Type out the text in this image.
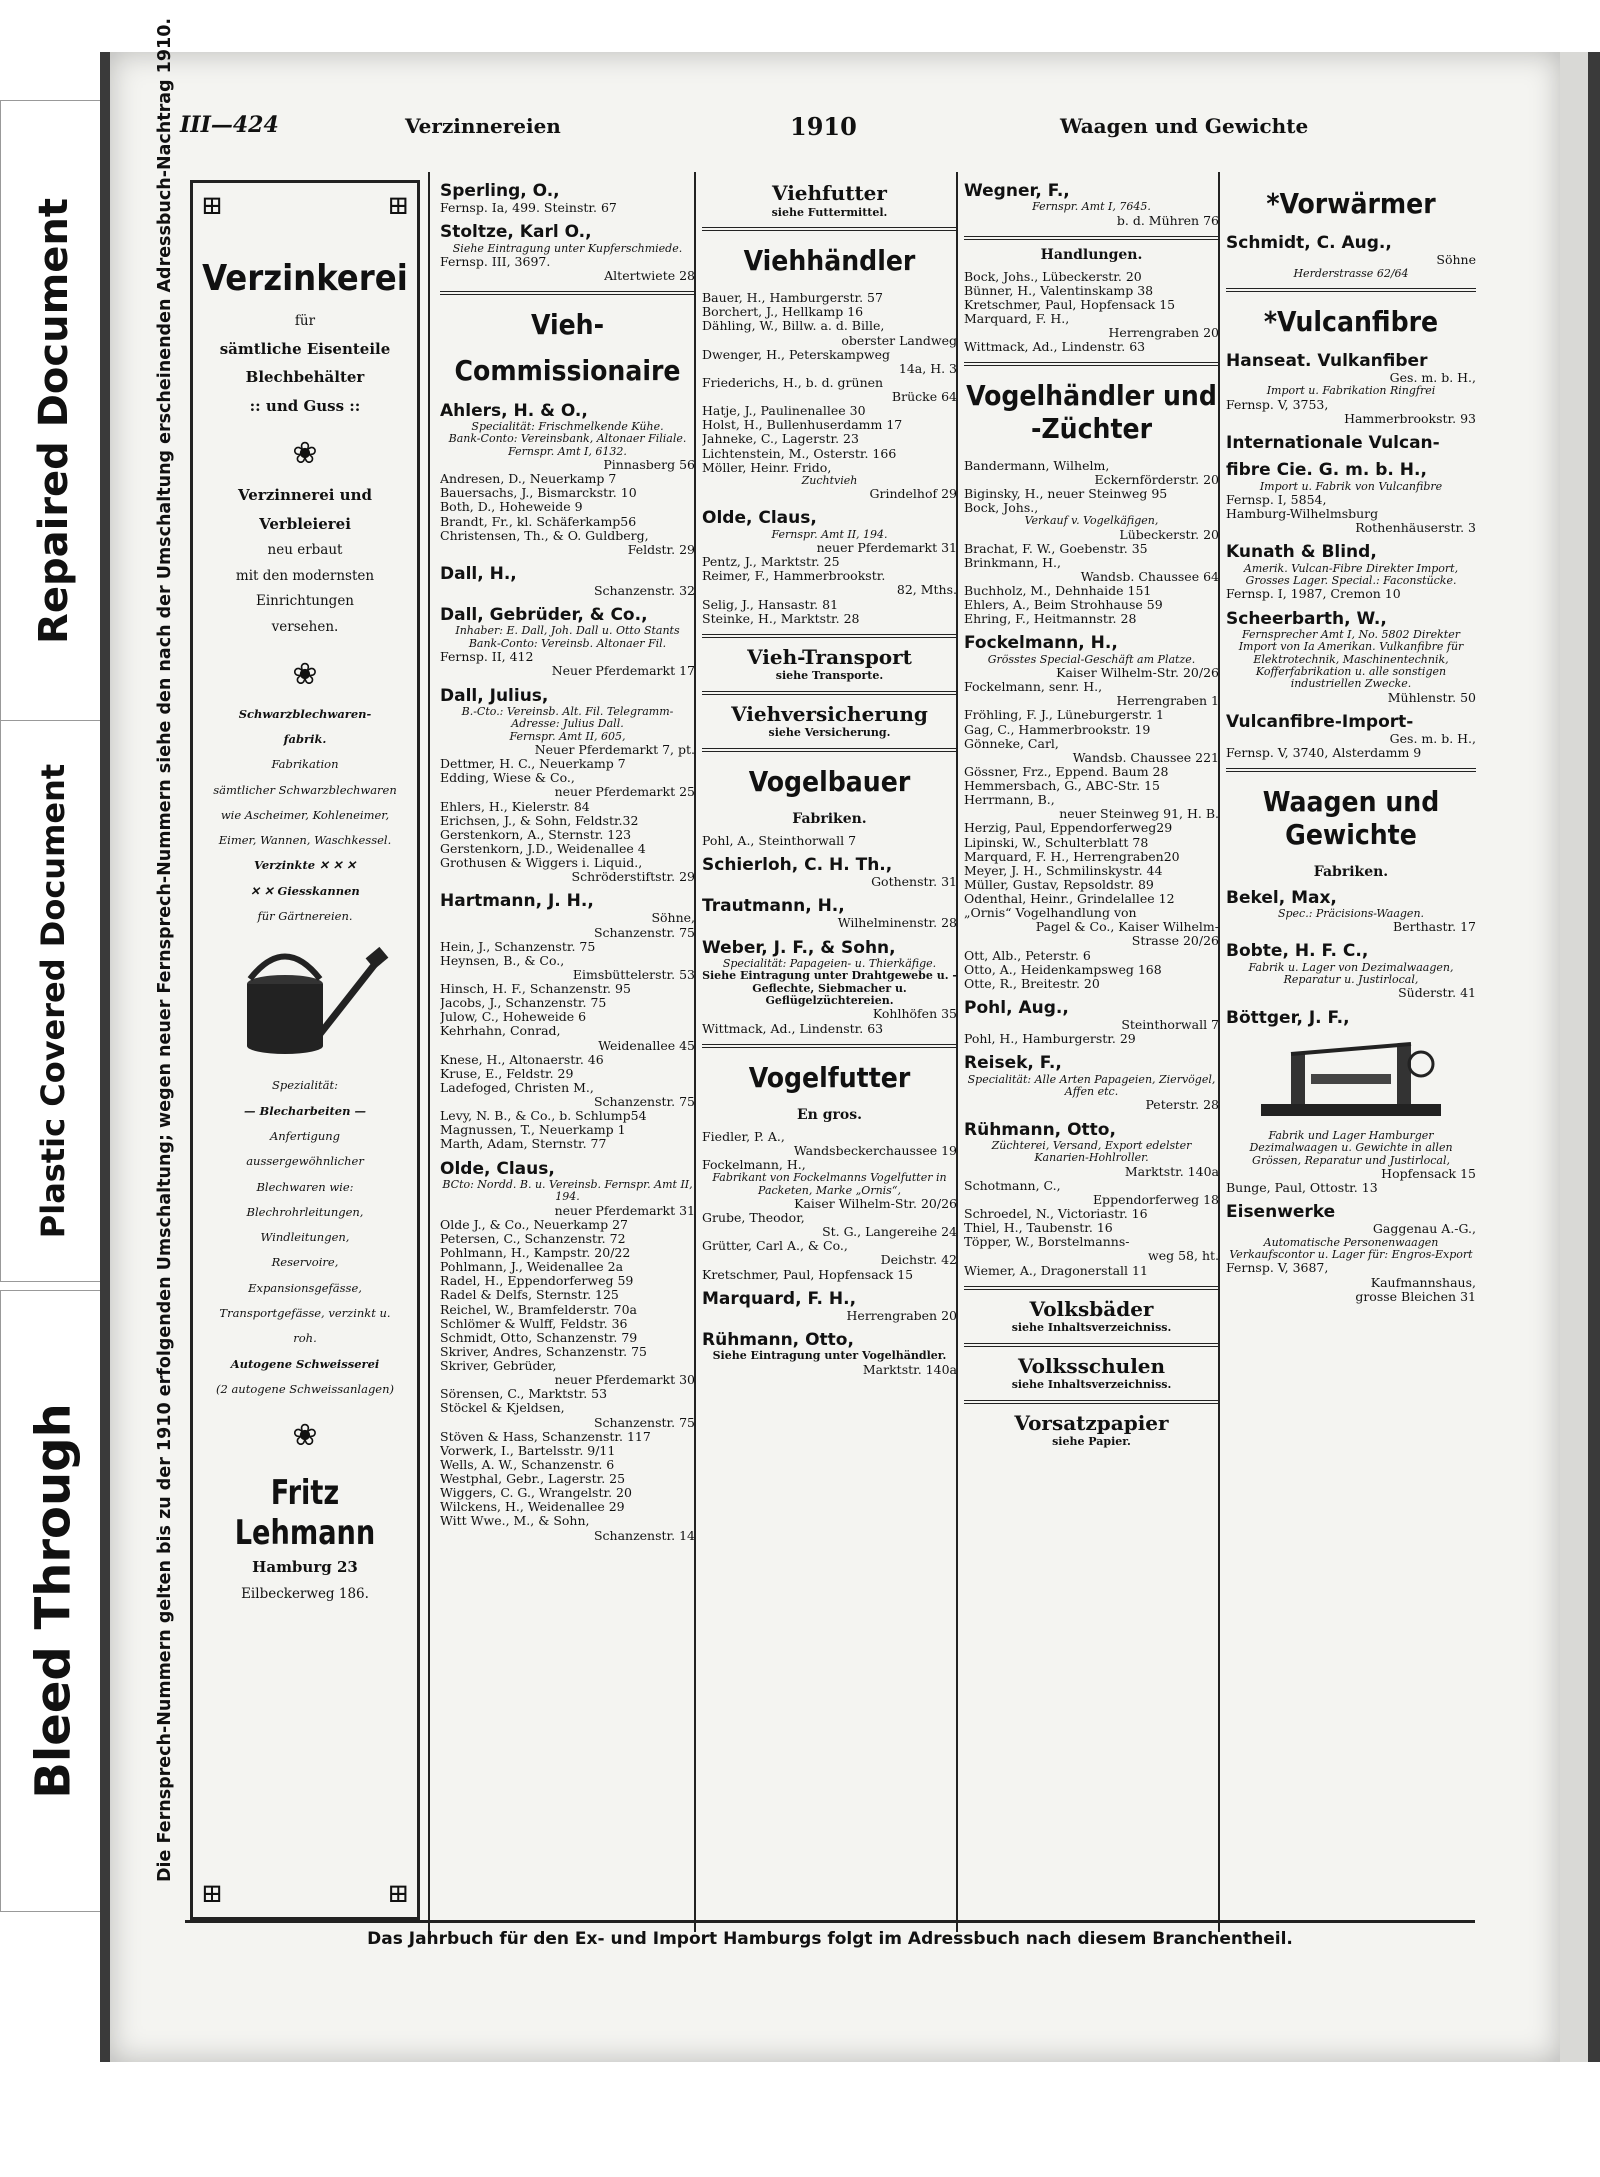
Repaired Document
Plastic Covered Document
Bleed Through
III—424	Verzinnereien	1910	Waagen und Gewichte
Die Fernsprech-Nummern gelten bis zu der 1910 erfolgenden Umschaltung; wegen neuer Fernsprech-Nummern siehe den nach der Umschaltung erscheinenden Adressbuch-Nachtrag 1910. ⊞	⊞
⊞	⊞
Verzinkerei
für
sämtliche Eisenteile
Blechbehälter
:: und Guss ::
❀
Verzinnerei und
Verbleierei
neu erbaut
mit den modernsten
Einrichtungen
versehen.
❀
Schwarzblechwaren-
fabrik.
Fabrikation
sämtlicher Schwarzblechwaren
wie Ascheimer, Kohleneimer,
Eimer, Wannen, Waschkessel.
Verzinkte ✕ ✕ ✕
✕ ✕ Giesskannen
für Gärtnereien.
Spezialität:
— Blecharbeiten —
Anfertigung
aussergewöhnlicher
Blechwaren wie:
Blechrohrleitungen,
Windleitungen,
Reservoire,
Expansionsgefässe,
Transportgefässe, verzinkt u.
roh.
Autogene Schweisserei
(2 autogene Schweissanlagen)
❀
Fritz Lehmann
Hamburg 23
Eilbeckerweg 186.
Sperling, O.,
Fernsp. Ia, 499. Steinstr. 67
Stoltze, Karl O.,
Siehe Eintragung unter Kupferschmiede.
Fernsp. III, 3697.
Altertwiete 28
Vieh-
Commissionaire
Ahlers, H. & O.,
Specialität: Frischmelkende Kühe.
Bank-Conto: Vereinsbank, Altonaer Filiale.
Fernspr. Amt I, 6132.
Pinnasberg 56
Andresen, D., Neuerkamp 7
Bauersachs, J., Bismarckstr. 10
Both, D., Hoheweide 9
Brandt, Fr., kl. Schäferkamp56
Christensen, Th., & O. Guldberg,
Feldstr. 29
Dall, H.,
Schanzenstr. 32
Dall, Gebrüder, & Co.,
Inhaber: E. Dall, Joh. Dall u. Otto Stants
Bank-Conto: Vereinsb. Altonaer Fil.
Fernsp. II, 412
Neuer Pferdemarkt 17
Dall, Julius,
B.-Cto.: Vereinsb. Alt. Fil. Telegramm-Adresse: Julius Dall.
Fernspr. Amt II, 605,
Neuer Pferdemarkt 7, pt.
Dettmer, H. C., Neuerkamp 7
Edding, Wiese & Co.,
neuer Pferdemarkt 25
Ehlers, H., Kielerstr. 84
Erichsen, J., & Sohn, Feldstr.32
Gerstenkorn, A., Sternstr. 123
Gerstenkorn, J.D., Weidenallee 4
Grothusen & Wiggers i. Liquid.,
Schröderstiftstr. 29
Hartmann, J. H.,
Söhne,
Schanzenstr. 75
Hein, J., Schanzenstr. 75
Heynsen, B., & Co.,
Eimsbüttelerstr. 53
Hinsch, H. F., Schanzenstr. 95
Jacobs, J., Schanzenstr. 75
Julow, C., Hoheweide 6
Kehrhahn, Conrad,
Weidenallee 45
Knese, H., Altonaerstr. 46
Kruse, E., Feldstr. 29
Ladefoged, Christen M.,
Schanzenstr. 75
Levy, N. B., & Co., b. Schlump54
Magnussen, T., Neuerkamp 1
Marth, Adam, Sternstr. 77
Olde, Claus,
BCto: Nordd. B. u. Vereinsb. Fernspr. Amt II, 194.
neuer Pferdemarkt 31
Olde J., & Co., Neuerkamp 27
Petersen, C., Schanzenstr. 72
Pohlmann, H., Kampstr. 20/22
Pohlmann, J., Weidenallee 2a
Radel, H., Eppendorferweg 59
Radel & Delfs, Sternstr. 125
Reichel, W., Bramfelderstr. 70a
Schlömer & Wulff, Feldstr. 36
Schmidt, Otto, Schanzenstr. 79
Skriver, Andres, Schanzenstr. 75
Skriver, Gebrüder,
neuer Pferdemarkt 30
Sörensen, C., Marktstr. 53
Stöckel & Kjeldsen,
Schanzenstr. 75
Stöven & Hass, Schanzenstr. 117
Vorwerk, I., Bartelsstr. 9/11
Wells, A. W., Schanzenstr. 6
Westphal, Gebr., Lagerstr. 25
Wiggers, C. G., Wrangelstr. 20
Wilckens, H., Weidenallee 29
Witt Wwe., M., & Sohn,
Schanzenstr. 14
Viehfutter
siehe Futtermittel.
Viehhändler
Bauer, H., Hamburgerstr. 57
Borchert, J., Hellkamp 16
Dähling, W., Billw. a. d. Bille,
oberster Landweg
Dwenger, H., Peterskampweg
14a, H. 3
Friederichs, H., b. d. grünen
Brücke 64
Hatje, J., Paulinenallee 30
Holst, H., Bullenhuserdamm 17
Jahneke, C., Lagerstr. 23
Lichtenstein, M., Osterstr. 166
Möller, Heinr. Frido,
Zuchtvieh
Grindelhof 29
Olde, Claus,
Fernspr. Amt II, 194.
neuer Pferdemarkt 31
Pentz, J., Marktstr. 25
Reimer, F., Hammerbrookstr.
82, Mths.
Selig, J., Hansastr. 81
Steinke, H., Marktstr. 28
Vieh-Transport
siehe Transporte.
Viehversicherung
siehe Versicherung.
Vogelbauer
Fabriken.
Pohl, A., Steinthorwall 7
Schierloh, C. H. Th.,
Gothenstr. 31
Trautmann, H.,
Wilhelminenstr. 28
Weber, J. F., & Sohn,
Specialität: Papageien- u. Thierkäfige.
Siehe Eintragung unter Drahtgewebe u. -Geflechte, Siebmacher u. Geflügelzüchtereien.
Kohlhöfen 35
Wittmack, Ad., Lindenstr. 63
Vogelfutter
En gros.
Fiedler, P. A.,
Wandsbeckerchaussee 19
Fockelmann, H.,
Fabrikant von Fockelmanns Vogelfutter in Packeten, Marke „Ornis“,
Kaiser Wilhelm-Str. 20/26
Grube, Theodor,
St. G., Langereihe 24
Grütter, Carl A., & Co.,
Deichstr. 42
Kretschmer, Paul, Hopfensack 15
Marquard, F. H.,
Herrengraben 20
Rühmann, Otto,
Siehe Eintragung unter Vogelhändler.
Marktstr. 140a
Wegner, F.,
Fernspr. Amt I, 7645.
b. d. Mühren 76
Handlungen.
Bock, Johs., Lübeckerstr. 20
Bünner, H., Valentinskamp 38
Kretschmer, Paul, Hopfensack 15
Marquard, F. H.,
Herrengraben 20
Wittmack, Ad., Lindenstr. 63
Vogelhändler und -Züchter
Bandermann, Wilhelm,
Eckernförderstr. 20
Biginsky, H., neuer Steinweg 95
Bock, Johs.,
Verkauf v. Vogelkäfigen,
Lübeckerstr. 20
Brachat, F. W., Goebenstr. 35
Brinkmann, H.,
Wandsb. Chaussee 64
Buchholz, M., Dehnhaide 151
Ehlers, A., Beim Strohhause 59
Ehring, F., Heitmannstr. 28
Fockelmann, H.,
Grösstes Special-Geschäft am Platze.
Kaiser Wilhelm-Str. 20/26
Fockelmann, senr. H.,
Herrengraben 1
Fröhling, F. J., Lüneburgerstr. 1
Gag, C., Hammerbrookstr. 19
Gönneke, Carl,
Wandsb. Chaussee 221
Gössner, Frz., Eppend. Baum 28
Hemmersbach, G., ABC-Str. 15
Herrmann, B.,
neuer Steinweg 91, H. B.
Herzig, Paul, Eppendorferweg29
Lipinski, W., Schulterblatt 78
Marquard, F. H., Herrengraben20
Meyer, J. H., Schmilinskystr. 44
Müller, Gustav, Repsoldstr. 89
Odenthal, Heinr., Grindelallee 12
„Ornis“ Vogelhandlung von
Pagel & Co., Kaiser Wilhelm-
Strasse 20/26
Ott, Alb., Peterstr. 6
Otto, A., Heidenkampsweg 168
Otte, R., Breitestr. 20
Pohl, Aug.,
Steinthorwall 7
Pohl, H., Hamburgerstr. 29
Reisek, F.,
Specialität: Alle Arten Papageien, Ziervögel, Affen etc.
Peterstr. 28
Rühmann, Otto,
Züchterei, Versand, Export edelster Kanarien-Hohlroller.
Marktstr. 140a
Schotmann, C.,
Eppendorferweg 18
Schroedel, N., Victoriastr. 16
Thiel, H., Taubenstr. 16
Töpper, W., Borstelmanns-
weg 58, ht.
Wiemer, A., Dragonerstall 11
Volksbäder
siehe Inhaltsverzeichniss.
Volksschulen
siehe Inhaltsverzeichniss.
Vorsatzpapier
siehe Papier.
*Vorwärmer
Schmidt, C. Aug.,
Söhne
Herderstrasse 62/64
*Vulcanfibre
Hanseat. Vulkanfiber
Ges. m. b. H.,
Import u. Fabrikation Ringfrei
Fernsp. V, 3753,
Hammerbrookstr. 93
Internationale Vulcan-
fibre Cie. G. m. b. H.,
Import u. Fabrik von Vulcanfibre
Fernsp. I, 5854,
Hamburg-Wilhelmsburg
Rothenhäuserstr. 3
Kunath & Blind,
Amerik. Vulcan-Fibre Direkter Import, Grosses Lager. Special.: Faconstücke.
Fernsp. I, 1987, Cremon 10
Scheerbarth, W.,
Fernsprecher Amt I, No. 5802 Direkter Import von Ia Amerikan. Vulkanfibre für Elektrotechnik, Maschinentechnik, Kofferfabrikation u. alle sonstigen industriellen Zwecke.
Mühlenstr. 50
Vulcanfibre-Import-
Ges. m. b. H.,
Fernsp. V, 3740, Alsterdamm 9
Waagen und Gewichte
Fabriken.
Bekel, Max,
Spec.: Präcisions-Waagen.
Berthastr. 17
Bobte, H. F. C.,
Fabrik u. Lager von Dezimalwaagen, Reparatur u. Justirlocal,
Süderstr. 41
Böttger, J. F.,
Fabrik und Lager Hamburger Dezimalwaagen u. Gewichte in allen Grössen, Reparatur und Justirlocal,
Hopfensack 15
Bunge, Paul, Ottostr. 13
Eisenwerke
Gaggenau A.-G.,
Automatische Personenwaagen Verkaufscontor u. Lager für: Engros-Export
Fernsp. V, 3687,
Kaufmannshaus,
grosse Bleichen 31
Das Jahrbuch für den Ex- und Import Hamburgs folgt im Adressbuch nach diesem Branchentheil.
